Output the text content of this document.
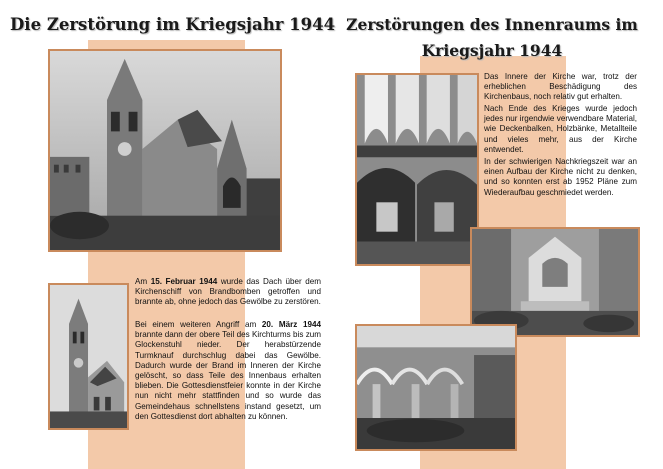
Die Zerstörung im Kriegsjahr 1944

Am 15. Februar 1944 wurde das Dach über dem Kirchenschiff von Brandbomben getroffen und brannte ab, ohne jedoch das Gewölbe zu zerstören.

Bei einem weiteren Angriff am 20. März 1944 brannte dann der obere Teil des Kirchturms bis zum Glockenstuhl nieder. Der herabstürzende Turmknauf durchschlug dabei das Gewölbe. Dadurch wurde der Brand im Inneren der Kirche gelöscht, so dass Teile des Innenbaus erhalten blieben. Die Gottesdienstfeier konnte in der Kirche nun nicht mehr stattfinden und so wurde das Gemeindehaus schnellstens instand gesetzt, um den Gottesdienst dort abhalten zu können.

Zerstörungen des Innenraums im
Kriegsjahr 1944

Das Innere der Kirche war, trotz der erheblichen Beschädigung des Kirchenbaus, noch relativ gut erhalten.

Nach Ende des Krieges wurde jedoch jedes nur irgendwie verwendbare Material, wie Deckenbalken, Holzbänke, Metallteile und vieles mehr, aus der Kirche entwendet.

In der schwierigen Nachkriegszeit war an einen Aufbau der Kirche nicht zu denken, und so konnten erst ab 1952 Pläne zum Wiederaufbau geschmiedet werden.
